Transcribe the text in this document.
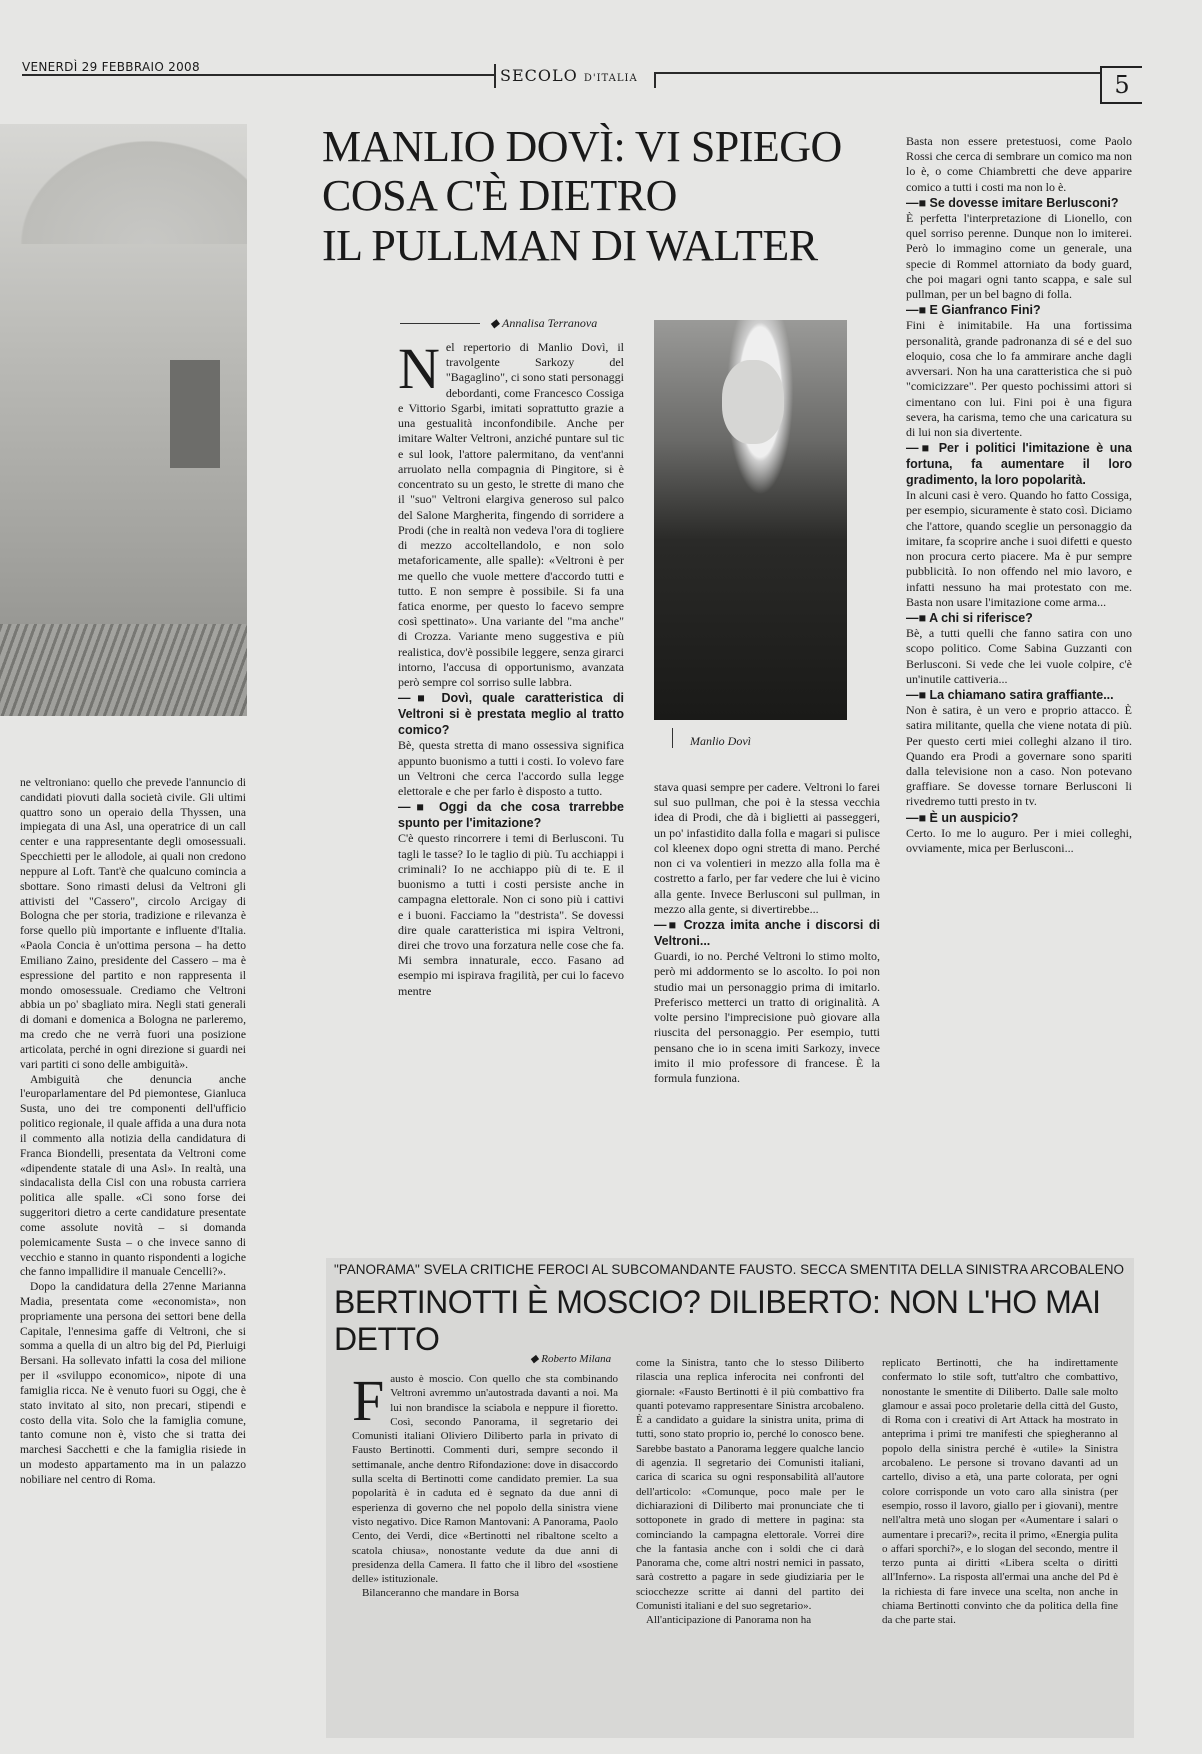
VENERDÌ 29 FEBBRAIO 2008	SECOLO D'ITALIA	5
MANLIO DOVÌ: VI SPIEGO
COSA C'È DIETRO
IL PULLMAN DI WALTER
◆ Annalisa Terranova

ne veltroniano: quello che prevede l'annuncio di candidati piovuti dalla società civile. Gli ultimi quattro sono un operaio della Thyssen, una impiegata di una Asl, una operatrice di un call center e una rappresentante degli omosessuali. Specchietti per le allodole, ai quali non credono neppure al Loft. Tant'è che qualcuno comincia a sbottare. Sono rimasti delusi da Veltroni gli attivisti del "Cassero", circolo Arcigay di Bologna che per storia, tradizione e rilevanza è forse quello più importante e influente d'Italia. «Paola Concia è un'ottima persona – ha detto Emiliano Zaino, presidente del Cassero – ma è espressione del partito e non rappresenta il mondo omosessuale. Crediamo che Veltroni abbia un po' sbagliato mira. Negli stati generali di domani e domenica a Bologna ne parleremo, ma credo che ne verrà fuori una posizione articolata, perché in ogni direzione si guardi nei vari partiti ci sono delle ambiguità».

Ambiguità che denuncia anche l'europarlamentare del Pd piemontese, Gianluca Susta, uno dei tre componenti dell'ufficio politico regionale, il quale affida a una dura nota il commento alla notizia della candidatura di Franca Biondelli, presentata da Veltroni come «dipendente statale di una Asl». In realtà, una sindacalista della Cisl con una robusta carriera politica alle spalle. «Ci sono forse dei suggeritori dietro a certe candidature presentate come assolute novità – si domanda polemicamente Susta – o che invece sanno di vecchio e stanno in quanto rispondenti a logiche che fanno impallidire il manuale Cencelli?».

Dopo la candidatura della 27enne Marianna Madia, presentata come «economista», non propriamente una persona dei settori bene della Capitale, l'ennesima gaffe di Veltroni, che si somma a quella di un altro big del Pd, Pierluigi Bersani. Ha sollevato infatti la cosa del milione per il «sviluppo economico», nipote di una famiglia ricca. Ne è venuto fuori su Oggi, che è stato invitato al sito, non precari, stipendi e costo della vita. Solo che la famiglia comune, tanto comune non è, visto che si tratta dei marchesi Sacchetti e che la famiglia risiede in un modesto appartamento ma in un palazzo nobiliare nel centro di Roma.

Nel repertorio di Manlio Dovì, il travolgente Sarkozy del "Bagaglino", ci sono stati personaggi debordanti, come Francesco Cossiga e Vittorio Sgarbi, imitati soprattutto grazie a una gestualità inconfondibile. Anche per imitare Walter Veltroni, anziché puntare sul tic e sul look, l'attore palermitano, da vent'anni arruolato nella compagnia di Pingitore, si è concentrato su un gesto, le strette di mano che il "suo" Veltroni elargiva generoso sul palco del Salone Margherita, fingendo di sorridere a Prodi (che in realtà non vedeva l'ora di togliere di mezzo accoltellandolo, e non solo metaforicamente, alle spalle): «Veltroni è per me quello che vuole mettere d'accordo tutti e tutto. E non sempre è possibile. Si fa una fatica enorme, per questo lo facevo sempre così spettinato». Una variante del "ma anche" di Crozza. Variante meno suggestiva e più realistica, dov'è possibile leggere, senza girarci intorno, l'accusa di opportunismo, avanzata però sempre col sorriso sulle labbra.

—■ Dovì, quale caratteristica di Veltroni si è prestata meglio al tratto comico?

Bè, questa stretta di mano ossessiva significa appunto buonismo a tutti i costi. Io volevo fare un Veltroni che cerca l'accordo sulla legge elettorale e che per farlo è disposto a tutto.

—■ Oggi da che cosa trarrebbe spunto per l'imitazione?

C'è questo rincorrere i temi di Berlusconi. Tu tagli le tasse? Io le taglio di più. Tu acchiappi i criminali? Io ne acchiappo più di te. E il buonismo a tutti i costi persiste anche in campagna elettorale. Non ci sono più i cattivi e i buoni. Facciamo la "destrista". Se dovessi dire quale caratteristica mi ispira Veltroni, direi che trovo una forzatura nelle cose che fa. Mi sembra innaturale, ecco. Fasano ad esempio mi ispirava fragilità, per cui lo facevo mentre

Manlio Dovì

stava quasi sempre per cadere. Veltroni lo farei sul suo pullman, che poi è la stessa vecchia idea di Prodi, che dà i biglietti ai passeggeri, un po' infastidito dalla folla e magari si pulisce col kleenex dopo ogni stretta di mano. Perché non ci va volentieri in mezzo alla folla ma è costretto a farlo, per far vedere che lui è vicino alla gente. Invece Berlusconi sul pullman, in mezzo alla gente, si divertirebbe...

—■ Crozza imita anche i discorsi di Veltroni...

Guardi, io no. Perché Veltroni lo stimo molto, però mi addormento se lo ascolto. Io poi non studio mai un personaggio prima di imitarlo. Preferisco metterci un tratto di originalità. A volte persino l'imprecisione può giovare alla riuscita del personaggio. Per esempio, tutti pensano che io in scena imiti Sarkozy, invece imito il mio professore di francese. È la formula funziona.

Basta non essere pretestuosi, come Paolo Rossi che cerca di sembrare un comico ma non lo è, o come Chiambretti che deve apparire comico a tutti i costi ma non lo è.

—■ Se dovesse imitare Berlusconi?

È perfetta l'interpretazione di Lionello, con quel sorriso perenne. Dunque non lo imiterei. Però lo immagino come un generale, una specie di Rommel attorniato da body guard, che poi magari ogni tanto scappa, e sale sul pullman, per un bel bagno di folla.

—■ E Gianfranco Fini?

Fini è inimitabile. Ha una fortissima personalità, grande padronanza di sé e del suo eloquio, cosa che lo fa ammirare anche dagli avversari. Non ha una caratteristica che si può "comicizzare". Per questo pochissimi attori si cimentano con lui. Fini poi è una figura severa, ha carisma, temo che una caricatura su di lui non sia divertente.

—■ Per i politici l'imitazione è una fortuna, fa aumentare il loro gradimento, la loro popolarità.

In alcuni casi è vero. Quando ho fatto Cossiga, per esempio, sicuramente è stato così. Diciamo che l'attore, quando sceglie un personaggio da imitare, fa scoprire anche i suoi difetti e questo non procura certo piacere. Ma è pur sempre pubblicità. Io non offendo nel mio lavoro, e infatti nessuno ha mai protestato con me. Basta non usare l'imitazione come arma...

—■ A chi si riferisce?

Bè, a tutti quelli che fanno satira con uno scopo politico. Come Sabina Guzzanti con Berlusconi. Si vede che lei vuole colpire, c'è un'inutile cattiveria...

—■ La chiamano satira graffiante...

Non è satira, è un vero e proprio attacco. È satira militante, quella che viene notata di più. Per questo certi miei colleghi alzano il tiro. Quando era Prodi a governare sono spariti dalla televisione non a caso. Non potevano graffiare. Se dovesse tornare Berlusconi li rivedremo tutti presto in tv.

—■ È un auspicio?

Certo. Io me lo auguro. Per i miei colleghi, ovviamente, mica per Berlusconi...

"PANORAMA" SVELA CRITICHE FEROCI AL SUBCOMANDANTE FAUSTO. SECCA SMENTITA DELLA SINISTRA ARCOBALENO
BERTINOTTI È MOSCIO? DILIBERTO: NON L'HO MAI DETTO
◆ Roberto Milana

Fausto è moscio. Con quello che sta combinando Veltroni avremmo un'autostrada davanti a noi. Ma lui non brandisce la sciabola e neppure il fioretto. Così, secondo Panorama, il segretario dei Comunisti italiani Oliviero Diliberto parla in privato di Fausto Bertinotti. Commenti duri, sempre secondo il settimanale, anche dentro Rifondazione: dove in disaccordo sulla scelta di Bertinotti come candidato premier. La sua popolarità è in caduta ed è segnato da due anni di esperienza di governo che nel popolo della sinistra viene visto negativo. Dice Ramon Mantovani: A Panorama, Paolo Cento, dei Verdi, dice «Bertinotti nel ribaltone scelto a scatola chiusa», nonostante vedute da due anni di presidenza della Camera. Il fatto che il libro del «sostiene delle» istituzionale.

Bilanceranno che mandare in Borsa

come la Sinistra, tanto che lo stesso Diliberto rilascia una replica inferocita nei confronti del giornale: «Fausto Bertinotti è il più combattivo fra quanti potevamo rappresentare Sinistra arcobaleno. È a candidato a guidare la sinistra unita, prima di tutti, sono stato proprio io, perché lo conosco bene. Sarebbe bastato a Panorama leggere qualche lancio di agenzia. Il segretario dei Comunisti italiani, carica di scarica su ogni responsabilità all'autore dell'articolo: «Comunque, poco male per le dichiarazioni di Diliberto mai pronunciate che ti sottoponete in grado di mettere in pagina: sta cominciando la campagna elettorale. Vorrei dire che la fantasia anche con i soldi che ci darà Panorama che, come altri nostri nemici in passato, sarà costretto a pagare in sede giudiziaria per le sciocchezze scritte ai danni del partito dei Comunisti italiani e del suo segretario».

All'anticipazione di Panorama non ha

replicato Bertinotti, che ha indirettamente confermato lo stile soft, tutt'altro che combattivo, nonostante le smentite di Diliberto. Dalle sale molto glamour e assai poco proletarie della città del Gusto, di Roma con i creativi di Art Attack ha mostrato in anteprima i primi tre manifesti che spiegheranno al popolo della sinistra perché è «utile» la Sinistra arcobaleno. Le persone si trovano davanti ad un cartello, diviso a età, una parte colorata, per ogni colore corrisponde un voto caro alla sinistra (per esempio, rosso il lavoro, giallo per i giovani), mentre nell'altra metà uno slogan per «Aumentare i salari o aumentare i precari?», recita il primo, «Energia pulita o affari sporchi?», e lo slogan del secondo, mentre il terzo punta ai diritti «Libera scelta o diritti all'Inferno». La risposta all'ermai una anche del Pd è la richiesta di fare invece una scelta, non anche in chiama Bertinotti convinto che da politica della fine da che parte stai.
